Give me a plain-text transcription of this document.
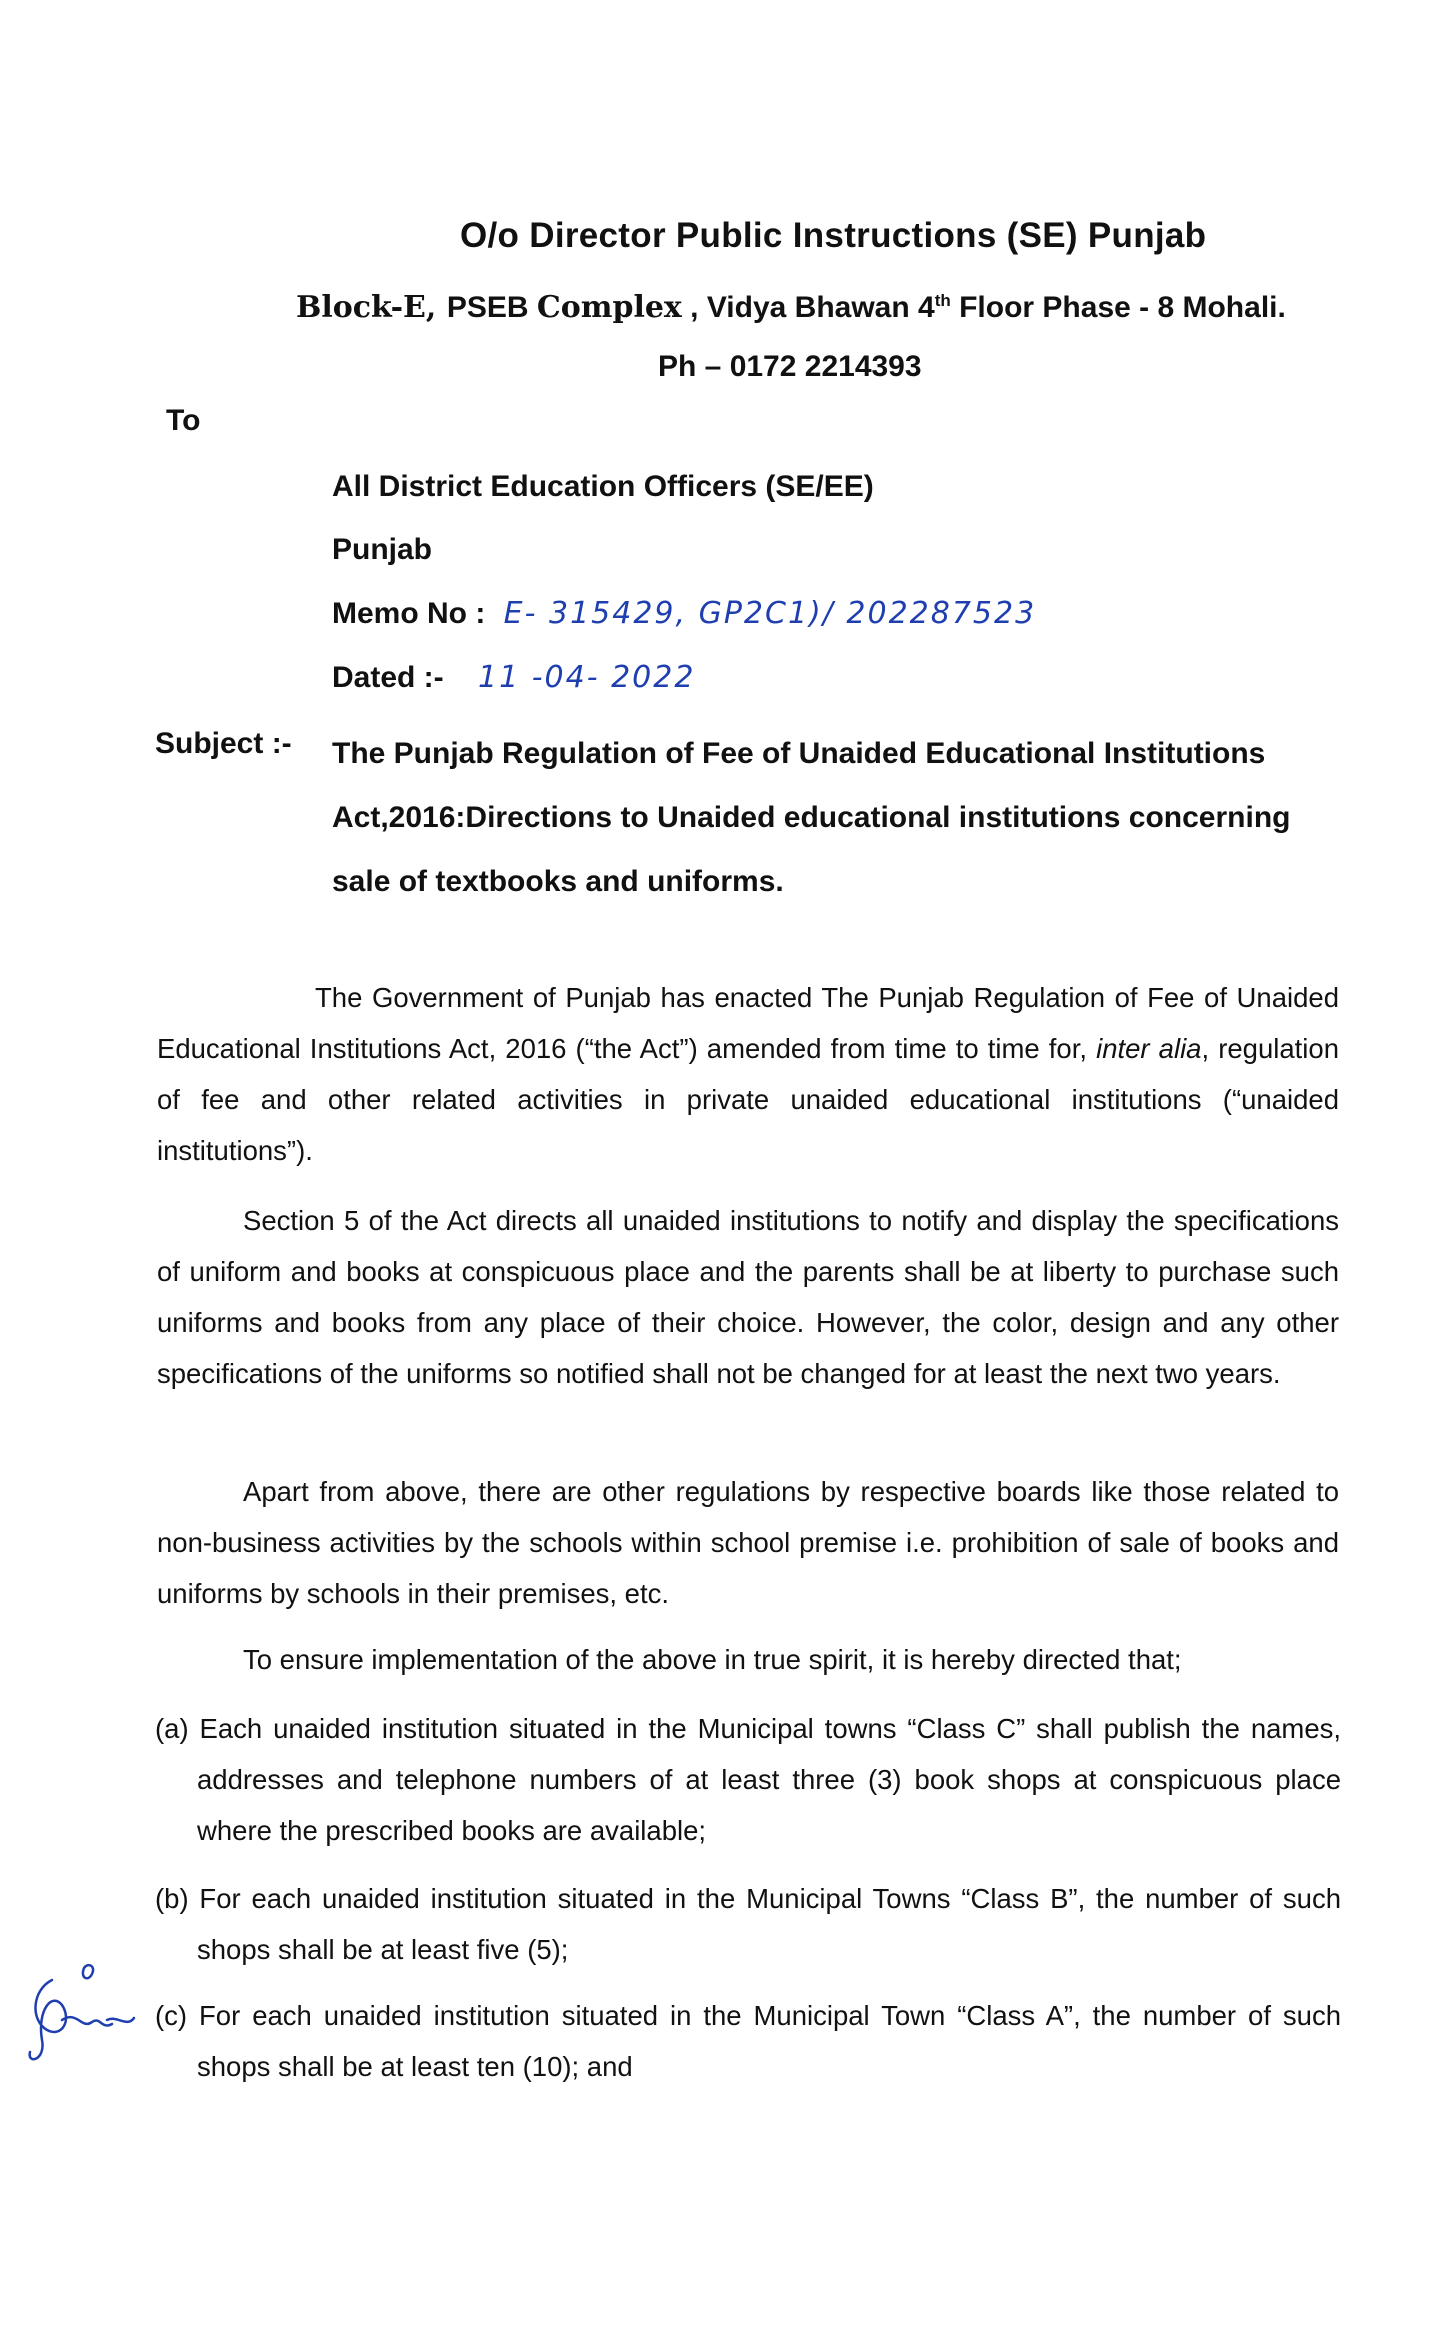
O/o Director Public Instructions (SE) Punjab
Block-E, PSEB Complex , Vidya Bhawan 4th Floor Phase - 8 Mohali.
Ph – 0172 2214393
To
All District Education Officers (SE/EE)
Punjab
Memo No : E- 315429, GP2C1)/ 202287523
Dated :- 11 -04- 2022
Subject :- The Punjab Regulation of Fee of Unaided Educational Institutions Act,2016:Directions to Unaided educational institutions concerning sale of textbooks and uniforms.
The Government of Punjab has enacted The Punjab Regulation of Fee of Unaided Educational Institutions Act, 2016 (“the Act”) amended from time to time for, inter alia, regulation of fee and other related activities in private unaided educational institutions (“unaided institutions”).
Section 5 of the Act directs all unaided institutions to notify and display the specifications of uniform and books at conspicuous place and the parents shall be at liberty to purchase such uniforms and books from any place of their choice. However, the color, design and any other specifications of the uniforms so notified shall not be changed for at least the next two years.
Apart from above, there are other regulations by respective boards like those related to non-business activities by the schools within school premise i.e. prohibition of sale of books and uniforms by schools in their premises, etc.
To ensure implementation of the above in true spirit, it is hereby directed that;
(a) Each unaided institution situated in the Municipal towns “Class C” shall publish the names, addresses and telephone numbers of at least three (3) book shops at conspicuous place where the prescribed books are available;
(b) For each unaided institution situated in the Municipal Towns “Class B”, the number of such shops shall be at least five (5);
(c) For each unaided institution situated in the Municipal Town “Class A”, the number of such shops shall be at least ten (10); and
